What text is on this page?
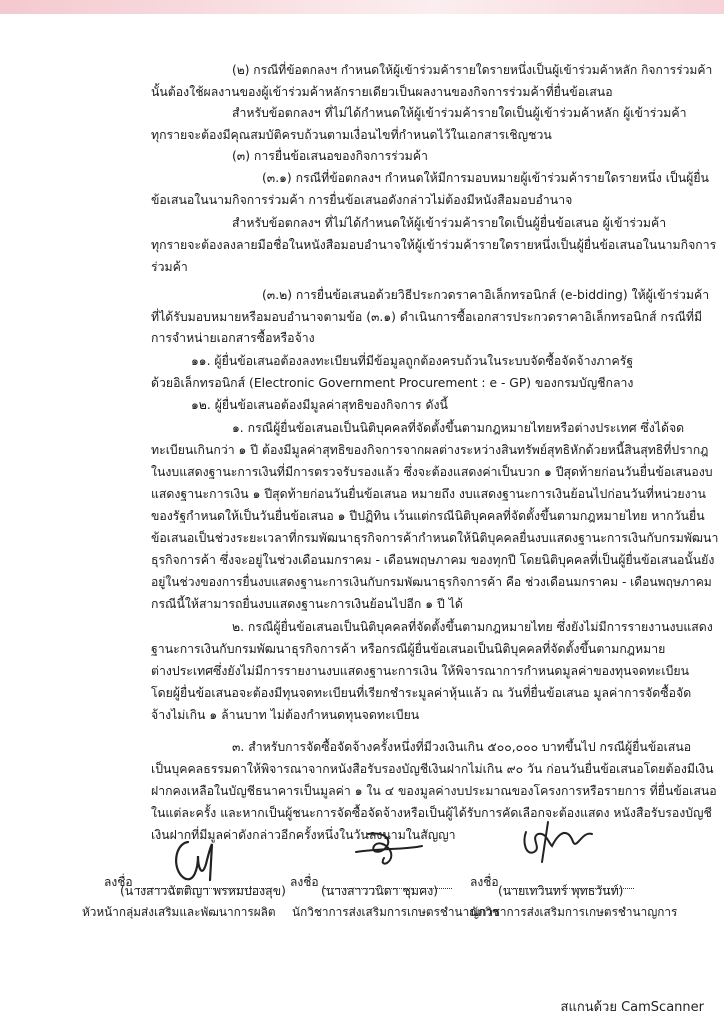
(๒) กรณีที่ข้อตกลงฯ กำหนดให้ผู้เข้าร่วมค้ารายใดรายหนึ่งเป็นผู้เข้าร่วมค้าหลัก กิจการร่วมค้า
นั้นต้องใช้ผลงานของผู้เข้าร่วมค้าหลักรายเดียวเป็นผลงานของกิจการร่วมค้าที่ยื่นข้อเสนอ
สำหรับข้อตกลงฯ ที่ไม่ได้กำหนดให้ผู้เข้าร่วมค้ารายใดเป็นผู้เข้าร่วมค้าหลัก ผู้เข้าร่วมค้า
ทุกรายจะต้องมีคุณสมบัติครบถ้วนตามเงื่อนไขที่กำหนดไว้ในเอกสารเชิญชวน
(๓) การยื่นข้อเสนอของกิจการร่วมค้า
(๓.๑) กรณีที่ข้อตกลงฯ กำหนดให้มีการมอบหมายผู้เข้าร่วมค้ารายใดรายหนึ่ง เป็นผู้ยื่น
ข้อเสนอในนามกิจการร่วมค้า การยื่นข้อเสนอดังกล่าวไม่ต้องมีหนังสือมอบอำนาจ
สำหรับข้อตกลงฯ ที่ไม่ได้กำหนดให้ผู้เข้าร่วมค้ารายใดเป็นผู้ยื่นข้อเสนอ ผู้เข้าร่วมค้า
ทุกรายจะต้องลงลายมือชื่อในหนังสือมอบอำนาจให้ผู้เข้าร่วมค้ารายใดรายหนึ่งเป็นผู้ยื่นข้อเสนอในนามกิจการ
ร่วมค้า
(๓.๒) การยื่นข้อเสนอด้วยวิธีประกวดราคาอิเล็กทรอนิกส์ (e-bidding) ให้ผู้เข้าร่วมค้า
ที่ได้รับมอบหมายหรือมอบอำนาจตามข้อ (๓.๑) ดำเนินการซื้อเอกสารประกวดราคาอิเล็กทรอนิกส์ กรณีที่มี
การจำหน่ายเอกสารซื้อหรือจ้าง
๑๑. ผู้ยื่นข้อเสนอต้องลงทะเบียนที่มีข้อมูลถูกต้องครบถ้วนในระบบจัดซื้อจัดจ้างภาครัฐ
ด้วยอิเล็กทรอนิกส์ (Electronic Government Procurement : e - GP) ของกรมบัญชีกลาง
๑๒. ผู้ยื่นข้อเสนอต้องมีมูลค่าสุทธิของกิจการ ดังนี้
๑. กรณีผู้ยื่นข้อเสนอเป็นนิติบุคคลที่จัดตั้งขึ้นตามกฎหมายไทยหรือต่างประเทศ ซึ่งได้จด
ทะเบียนเกินกว่า ๑ ปี ต้องมีมูลค่าสุทธิของกิจการจากผลต่างระหว่างสินทรัพย์สุทธิหักด้วยหนี้สินสุทธิที่ปรากฎ
ในงบแสดงฐานะการเงินที่มีการตรวจรับรองแล้ว ซึ่งจะต้องแสดงค่าเป็นบวก ๑ ปีสุดท้ายก่อนวันยื่นข้อเสนองบ
แสดงฐานะการเงิน ๑ ปีสุดท้ายก่อนวันยื่นข้อเสนอ หมายถึง งบแสดงฐานะการเงินย้อนไปก่อนวันที่หน่วยงาน
ของรัฐกำหนดให้เป็นวันยื่นข้อเสนอ ๑ ปีปฏิทิน เว้นแต่กรณีนิติบุคคลที่จัดตั้งขึ้นตามกฎหมายไทย หากวันยื่น
ข้อเสนอเป็นช่วงระยะเวลาที่กรมพัฒนาธุรกิจการค้ากำหนดให้นิติบุคคลยื่นงบแสดงฐานะการเงินกับกรมพัฒนา
ธุรกิจการค้า ซึ่งจะอยู่ในช่วงเดือนมกราคม - เดือนพฤษภาคม ของทุกปี โดยนิติบุคคลที่เป็นผู้ยื่นข้อเสนอนั้นยัง
อยู่ในช่วงของการยื่นงบแสดงฐานะการเงินกับกรมพัฒนาธุรกิจการค้า คือ ช่วงเดือนมกราคม - เดือนพฤษภาคม
กรณีนี้ให้สามารถยื่นงบแสดงฐานะการเงินย้อนไปอีก ๑ ปี ได้
๒. กรณีผู้ยื่นข้อเสนอเป็นนิติบุคคลที่จัดตั้งขึ้นตามกฎหมายไทย ซึ่งยังไม่มีการรายงานงบแสดง
ฐานะการเงินกับกรมพัฒนาธุรกิจการค้า หรือกรณีผู้ยื่นข้อเสนอเป็นนิติบุคคลที่จัดตั้งขึ้นตามกฎหมาย
ต่างประเทศซึ่งยังไม่มีการรายงานงบแสดงฐานะการเงิน ให้พิจารณาการกำหนดมูลค่าของทุนจดทะเบียน
โดยผู้ยื่นข้อเสนอจะต้องมีทุนจดทะเบียนที่เรียกชำระมูลค่าหุ้นแล้ว ณ วันที่ยื่นข้อเสนอ มูลค่าการจัดซื้อจัด
จ้างไม่เกิน ๑ ล้านบาท ไม่ต้องกำหนดทุนจดทะเบียน
๓. สำหรับการจัดซื้อจัดจ้างครั้งหนึ่งที่มีวงเงินเกิน ๕๐๐,๐๐๐ บาทขึ้นไป กรณีผู้ยื่นข้อเสนอ
เป็นบุคคลธรรมดาให้พิจารณาจากหนังสือรับรองบัญชีเงินฝากไม่เกิน ๙๐ วัน ก่อนวันยื่นข้อเสนอโดยต้องมีเงิน
ฝากคงเหลือในบัญชีธนาคารเป็นมูลค่า ๑ ใน ๔ ของมูลค่างบประมาณของโครงการหรือรายการ ที่ยื่นข้อเสนอ
ในแต่ละครั้ง และหากเป็นผู้ชนะการจัดซื้อจัดจ้างหรือเป็นผู้ได้รับการคัดเลือกจะต้องแสดง หนังสือรับรองบัญชี
เงินฝากที่มีมูลค่าดังกล่าวอีกครั้งหนึ่งในวันลงนามในสัญญา
ลงชื่อ	ลงชื่อ	ลงชื่อ
(นางสาวฉัตติญา พรหมปองสุข)	(นางสาววนิดา ชุมคง)	(นายเทวินทร์ พุทธวันท์)
หัวหน้ากลุ่มส่งเสริมและพัฒนาการผลิต นักวิชาการส่งเสริมการเกษตรชำนาญการ
นักวิชาการส่งเสริมการเกษตรชำนาญการ
สแกนด้วย CamScanner
